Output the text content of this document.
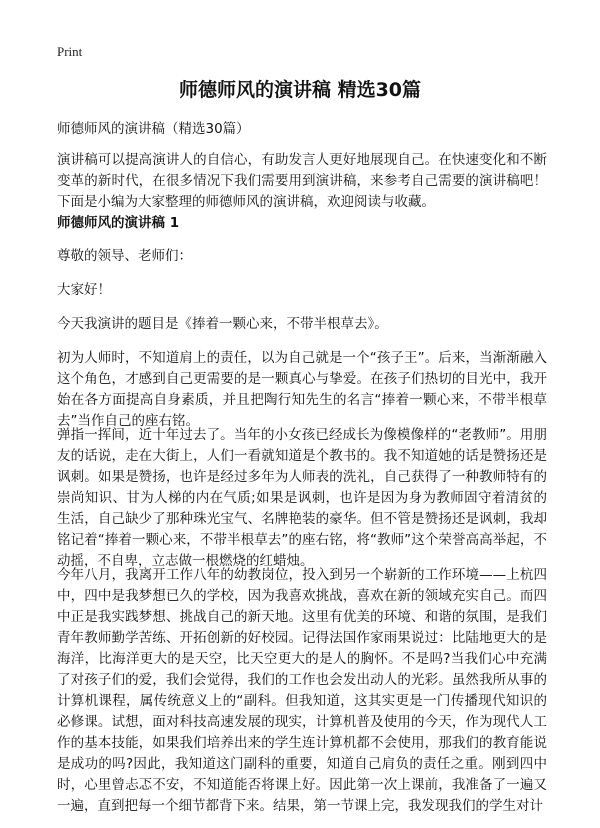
Print
师德师风的演讲稿 精选30篇
师德师风的演讲稿（精选30篇）

演讲稿可以提高演讲人的自信心，有助发言人更好地展现自己。在快速变化和不断变革的新时代，在很多情况下我们需要用到演讲稿，来参考自己需要的演讲稿吧！下面是小编为大家整理的师德师风的演讲稿，欢迎阅读与收藏。

师德师风的演讲稿 1

尊敬的领导、老师们：

大家好！

今天我演讲的题目是《捧着一颗心来，不带半根草去》。

初为人师时，不知道肩上的责任，以为自己就是一个“孩子王”。后来，当渐渐融入这个角色，才感到自己更需要的是一颗真心与挚爱。在孩子们热切的目光中，我开始在各方面提高自身素质，并且把陶行知先生的名言“捧着一颗心来，不带半根草去”当作自己的座右铭。

弹指一挥间，近十年过去了。当年的小女孩已经成长为像模像样的“老教师”。用朋友的话说，走在大街上，人们一看就知道是个教书的。我不知道她的话是赞扬还是讽刺。如果是赞扬，也许是经过多年为人师表的洗礼，自己获得了一种教师特有的崇尚知识、甘为人梯的内在气质;如果是讽刺，也许是因为身为教师固守着清贫的生活，自己缺少了那种珠光宝气、名牌艳装的豪华。但不管是赞扬还是讽刺，我却铭记着“捧着一颗心来，不带半根草去”的座右铭，将“教师”这个荣誉高高举起，不动摇，不自卑，立志做一根燃烧的红蜡烛。

今年八月，我离开工作八年的幼教岗位，投入到另一个崭新的工作环境——上杭四中，四中是我梦想已久的学校，因为我喜欢挑战，喜欢在新的领域充实自己。而四中正是我实践梦想、挑战自己的新天地。这里有优美的环境、和谐的氛围，是我们青年教师勤学苦练、开拓创新的好校园。记得法国作家雨果说过：比陆地更大的是海洋，比海洋更大的是天空，比天空更大的是人的胸怀。不是吗?当我们心中充满了对孩子们的爱，我们会觉得，我们的工作也会发出动人的光彩。虽然我所从事的计算机课程，属传统意义上的“副科。但我知道，这其实更是一门传播现代知识的必修课。试想，面对科技高速发展的现实，计算机普及使用的今天，作为现代人工作的基本技能，如果我们培养出来的学生连计算机都不会使用，那我们的教育能说是成功的吗?因此，我知道这门副科的重要，知道自己肩负的责任之重。刚到四中时，心里曾忐忑不安，不知道能否将课上好。因此第一次上课前，我准备了一遍又一遍，直到把每一个细节都背下来。结果，第一节课上完，我发现我们的学生对计
